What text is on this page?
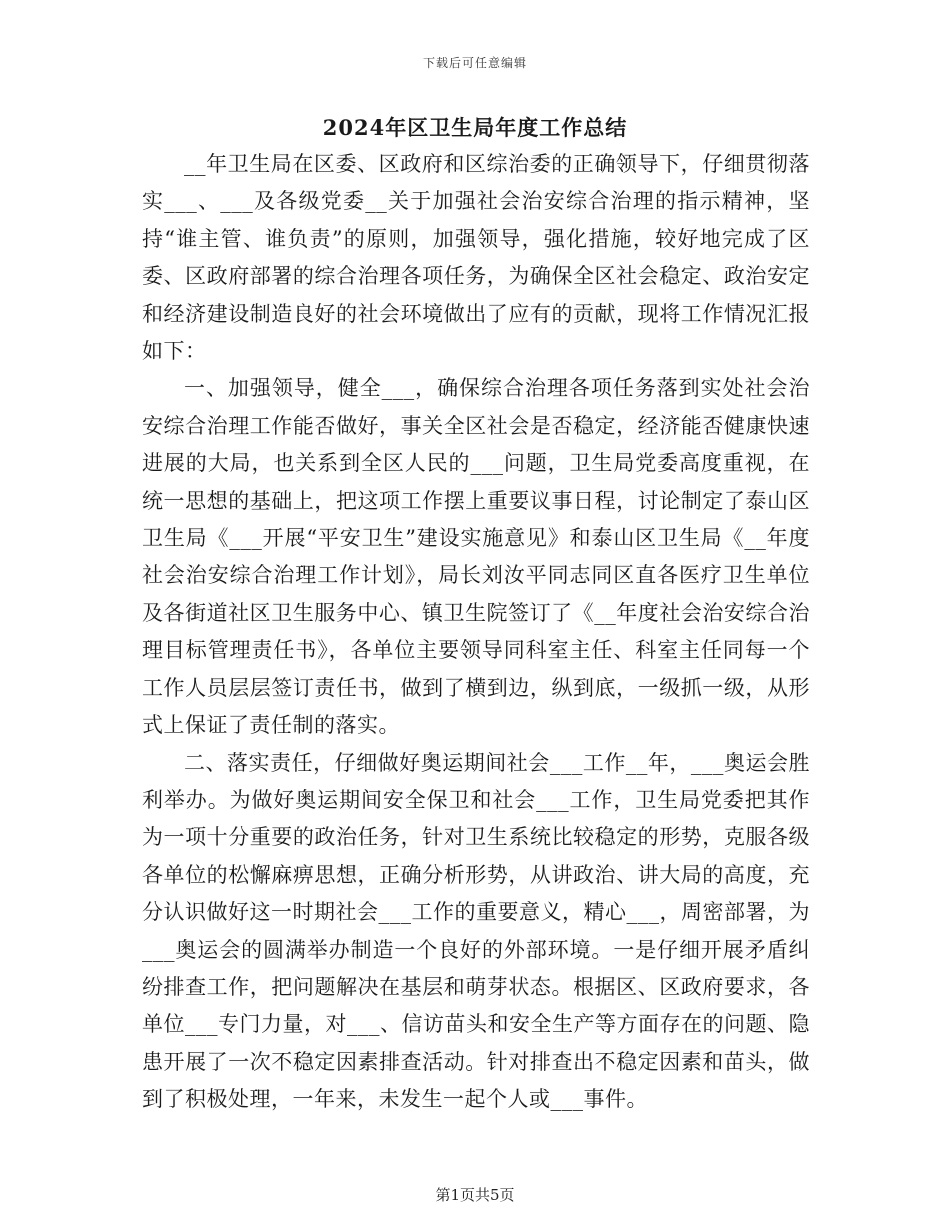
下载后可任意编辑
2024年区卫生局年度工作总结

__年卫生局在区委、区政府和区综治委的正确领导下，仔细贯彻落实___、___及各级党委__关于加强社会治安综合治理的指示精神，坚持“谁主管、谁负责”的原则，加强领导，强化措施，较好地完成了区委、区政府部署的综合治理各项任务，为确保全区社会稳定、政治安定和经济建设制造良好的社会环境做出了应有的贡献，现将工作情况汇报如下：

一、加强领导，健全___，确保综合治理各项任务落到实处社会治安综合治理工作能否做好，事关全区社会是否稳定，经济能否健康快速进展的大局，也关系到全区人民的___问题，卫生局党委高度重视，在统一思想的基础上，把这项工作摆上重要议事日程，讨论制定了泰山区卫生局《___开展“平安卫生”建设实施意见》和泰山区卫生局《__年度社会治安综合治理工作计划》，局长刘汝平同志同区直各医疗卫生单位及各街道社区卫生服务中心、镇卫生院签订了《__年度社会治安综合治理目标管理责任书》，各单位主要领导同科室主任、科室主任同每一个工作人员层层签订责任书，做到了横到边，纵到底，一级抓一级，从形式上保证了责任制的落实。

二、落实责任，仔细做好奥运期间社会___工作__年，___奥运会胜利举办。为做好奥运期间安全保卫和社会___工作，卫生局党委把其作为一项十分重要的政治任务，针对卫生系统比较稳定的形势，克服各级各单位的松懈麻痹思想，正确分析形势，从讲政治、讲大局的高度，充分认识做好这一时期社会___工作的重要意义，精心___，周密部署，为___奥运会的圆满举办制造一个良好的外部环境。一是仔细开展矛盾纠纷排查工作，把问题解决在基层和萌芽状态。根据区、区政府要求，各单位___专门力量，对___、信访苗头和安全生产等方面存在的问题、隐患开展了一次不稳定因素排查活动。针对排查出不稳定因素和苗头，做到了积极处理，一年来，未发生一起个人或___事件。

第1页共5页
